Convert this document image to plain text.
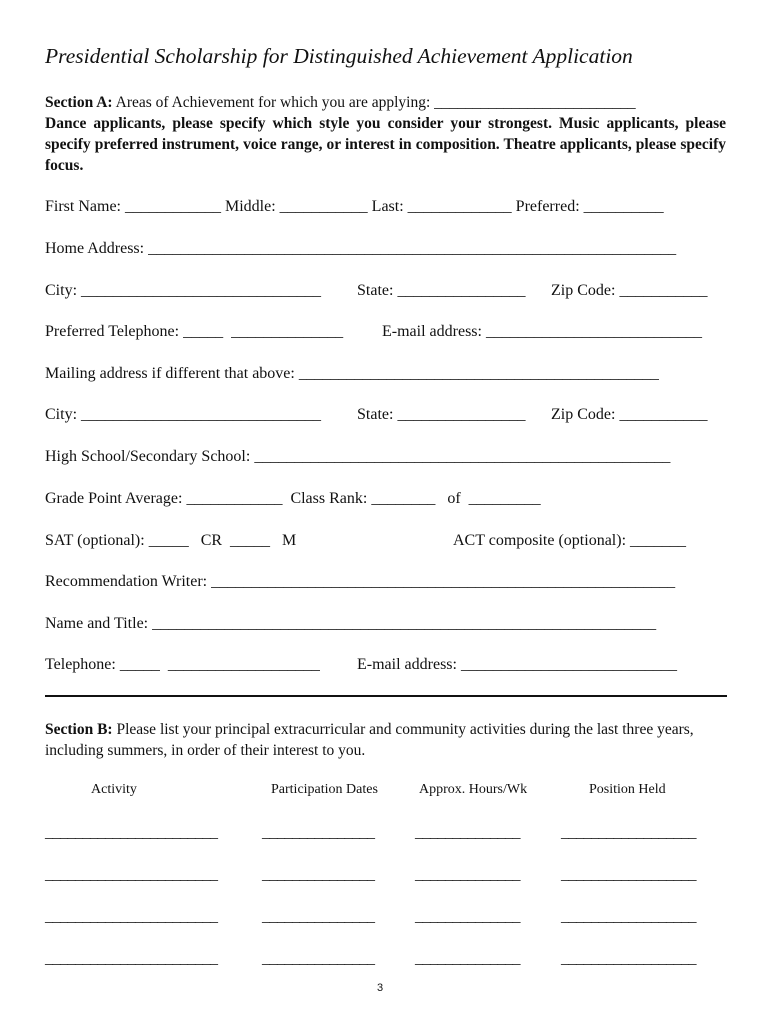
Presidential Scholarship for Distinguished Achievement Application

Section A: Areas of Achievement for which you are applying: __________________________

Dance applicants, please specify which style you consider your strongest. Music applicants, please specify preferred instrument, voice range, or interest in composition. Theatre applicants, please specify focus.

First Name: ____________ Middle: ___________ Last: _____________ Preferred: __________
Home Address: __________________________________________________________________
City: ______________________________ State: ________________ Zip Code: ___________
Preferred Telephone: _____ ______________ E-mail address: ___________________________
Mailing address if different that above: _____________________________________________
City: ______________________________ State: ________________ Zip Code: ___________
High School/Secondary School: ____________________________________________________
Grade Point Average: ____________ Class Rank: ________ of _________
SAT (optional): _____ CR _____ M	ACT composite (optional): _______
Recommendation Writer: __________________________________________________________
Name and Title: _______________________________________________________________
Telephone: _____ ___________________ E-mail address: ___________________________

Section B: Please list your principal extracurricular and community activities during the last three years, including summers, in order of their interest to you.

Activity	Participation Dates	Approx. Hours/Wk	Position Held
_______________________	_______________	______________	__________________
_______________________	_______________	______________	__________________
_______________________	_______________	______________	__________________
_______________________	_______________	______________	__________________
3
